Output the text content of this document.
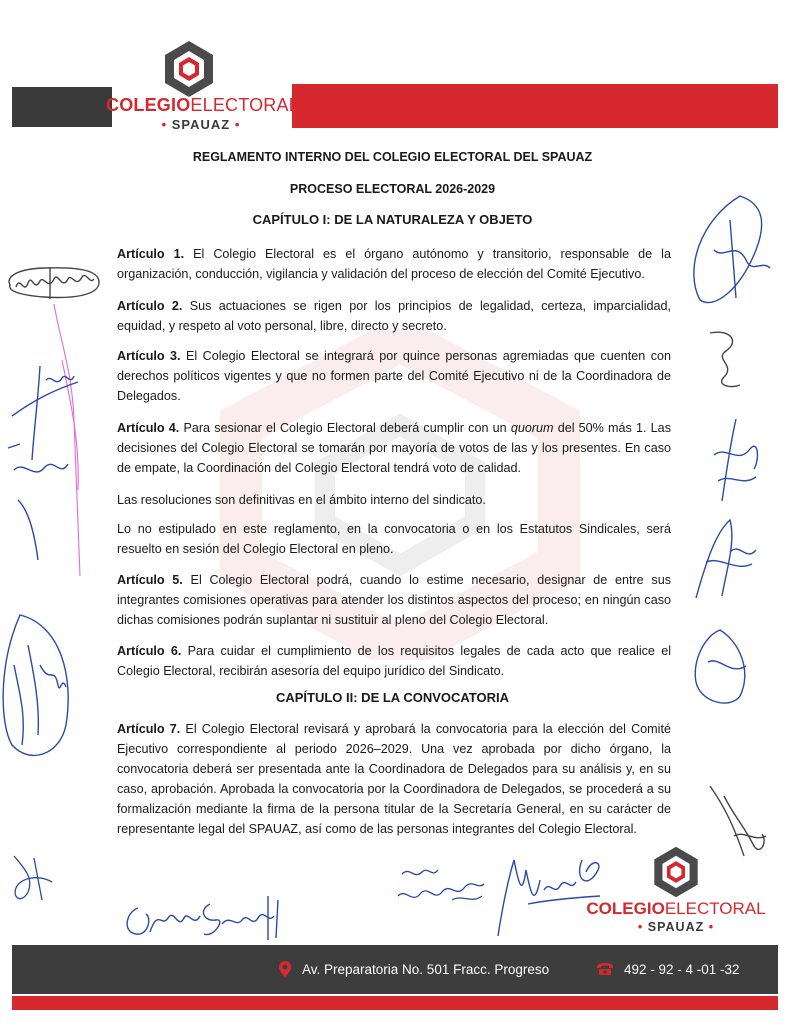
COLEGIOELECTORAL
• SPAUAZ •
REGLAMENTO INTERNO DEL COLEGIO ELECTORAL DEL SPAUAZ
PROCESO ELECTORAL 2026-2029
CAPÍTULO I: DE LA NATURALEZA Y OBJETO
Artículo 1. El Colegio Electoral es el órgano autónomo y transitorio, responsable de la organización, conducción, vigilancia y validación del proceso de elección del Comité Ejecutivo.
Artículo 2. Sus actuaciones se rigen por los principios de legalidad, certeza, imparcialidad, equidad, y respeto al voto personal, libre, directo y secreto.
Artículo 3. El Colegio Electoral se integrará por quince personas agremiadas que cuenten con derechos políticos vigentes y que no formen parte del Comité Ejecutivo ni de la Coordinadora de Delegados.
Artículo 4. Para sesionar el Colegio Electoral deberá cumplir con un quorum del 50% más 1. Las decisiones del Colegio Electoral se tomarán por mayoría de votos de las y los presentes. En caso de empate, la Coordinación del Colegio Electoral tendrá voto de calidad.
Las resoluciones son definitivas en el ámbito interno del sindicato.
Lo no estipulado en este reglamento, en la convocatoria o en los Estatutos Sindicales, será resuelto en sesión del Colegio Electoral en pleno.
Artículo 5. El Colegio Electoral podrá, cuando lo estime necesario, designar de entre sus integrantes comisiones operativas para atender los distintos aspectos del proceso; en ningún caso dichas comisiones podrán suplantar ni sustituir al pleno del Colegio Electoral.
Artículo 6. Para cuidar el cumplimiento de los requisitos legales de cada acto que realice el Colegio Electoral, recibirán asesoría del equipo jurídico del Sindicato.
CAPÍTULO II: DE LA CONVOCATORIA
Artículo 7. El Colegio Electoral revisará y aprobará la convocatoria para la elección del Comité Ejecutivo correspondiente al periodo 2026–2029. Una vez aprobada por dicho órgano, la convocatoria deberá ser presentada ante la Coordinadora de Delegados para su análisis y, en su caso, aprobación. Aprobada la convocatoria por la Coordinadora de Delegados, se procederá a su formalización mediante la firma de la persona titular de la Secretaría General, en su carácter de representante legal del SPAUAZ, así como de las personas integrantes del Colegio Electoral.
COLEGIOELECTORAL
• SPAUAZ •
Av. Preparatoria No. 501 Fracc. Progreso	492 - 92 - 4 -01 -32
